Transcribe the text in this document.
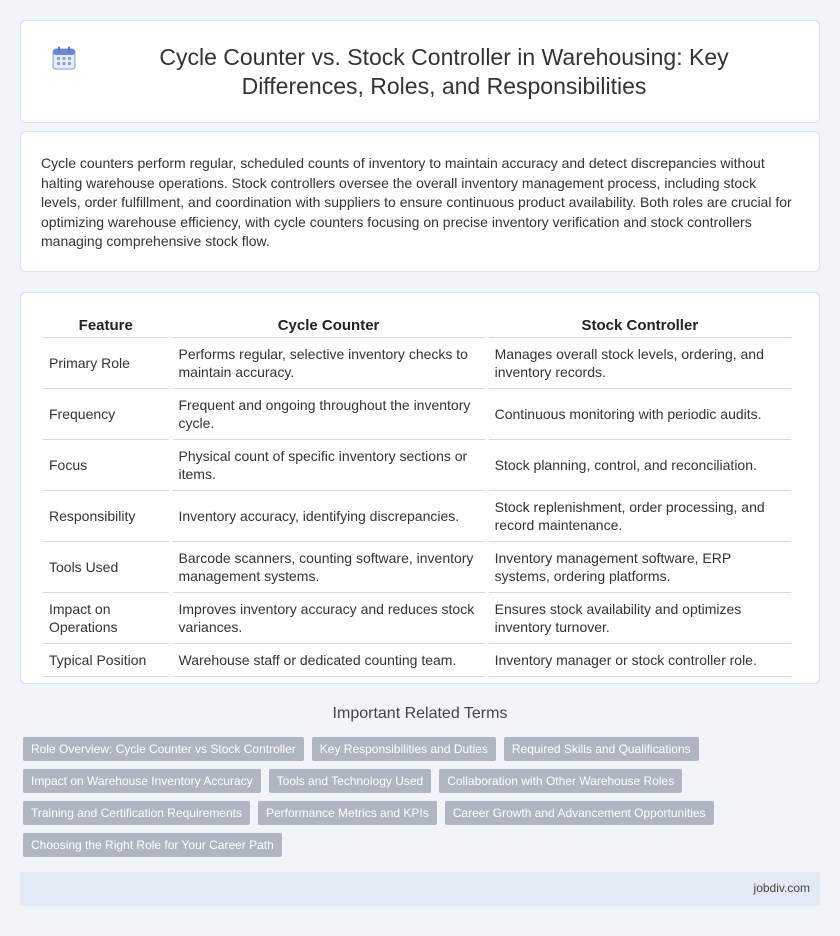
Cycle Counter vs. Stock Controller in Warehousing: Key Differences, Roles, and Responsibilities

Cycle counters perform regular, scheduled counts of inventory to maintain accuracy and detect discrepancies without halting warehouse operations. Stock controllers oversee the overall inventory management process, including stock levels, order fulfillment, and coordination with suppliers to ensure continuous product availability. Both roles are crucial for optimizing warehouse efficiency, with cycle counters focusing on precise inventory verification and stock controllers managing comprehensive stock flow.

Feature	Cycle Counter	Stock Controller
Primary Role	Performs regular, selective inventory checks to maintain accuracy.	Manages overall stock levels, ordering, and inventory records.
Frequency	Frequent and ongoing throughout the inventory cycle.	Continuous monitoring with periodic audits.
Focus	Physical count of specific inventory sections or items.	Stock planning, control, and reconciliation.
Responsibility	Inventory accuracy, identifying discrepancies.	Stock replenishment, order processing, and record maintenance.
Tools Used	Barcode scanners, counting software, inventory management systems.	Inventory management software, ERP systems, ordering platforms.
Impact on Operations	Improves inventory accuracy and reduces stock variances.	Ensures stock availability and optimizes inventory turnover.
Typical Position	Warehouse staff or dedicated counting team.	Inventory manager or stock controller role.
Important Related Terms
Role Overview: Cycle Counter vs Stock Controller	Key Responsibilities and Duties	Required Skills and Qualifications
Impact on Warehouse Inventory Accuracy	Tools and Technology Used	Collaboration with Other Warehouse Roles
Training and Certification Requirements	Performance Metrics and KPIs	Career Growth and Advancement Opportunities
Choosing the Right Role for Your Career Path
jobdiv.com
